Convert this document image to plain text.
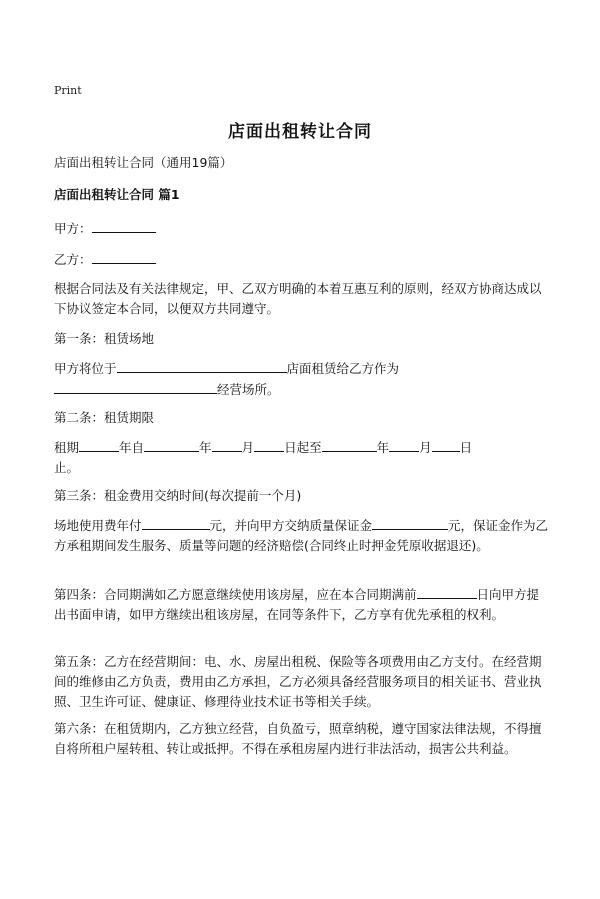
Print
店面出租转让合同
店面出租转让合同（通用19篇）
店面出租转让合同 篇1
甲方：
乙方：
根据合同法及有关法律规定，甲、乙双方明确的本着互惠互利的原则，经双方协商达成以下协议签定本合同，以便双方共同遵守。
第一条：租赁场地
甲方将位于	店面租赁给乙方作为
经营场所。
第二条：租赁期限
租期	年自	年 月 日起至	年 月 日
止。
第三条：租金费用交纳时间(每次提前一个月)
场地使用费年付	元，并向甲方交纳质量保证金	元，保证金作为乙方承租期间发生服务、质量等问题的经济赔偿(合同终止时押金凭原收据退还)。
第四条：合同期满如乙方愿意继续使用该房屋，应在本合同期满前	日向甲方提出书面申请，如甲方继续出租该房屋，在同等条件下，乙方享有优先承租的权利。
第五条：乙方在经营期间：电、水、房屋出租税、保险等各项费用由乙方支付。在经营期间的维修由乙方负责，费用由乙方承担，乙方必须具备经营服务项目的相关证书、营业执照、卫生许可证、健康证、修理待业技术证书等相关手续。
第六条：在租赁期内，乙方独立经营，自负盈亏，照章纳税，遵守国家法律法规，不得擅自将所租户屋转租、转让或抵押。不得在承租房屋内进行非法活动，损害公共利益。
